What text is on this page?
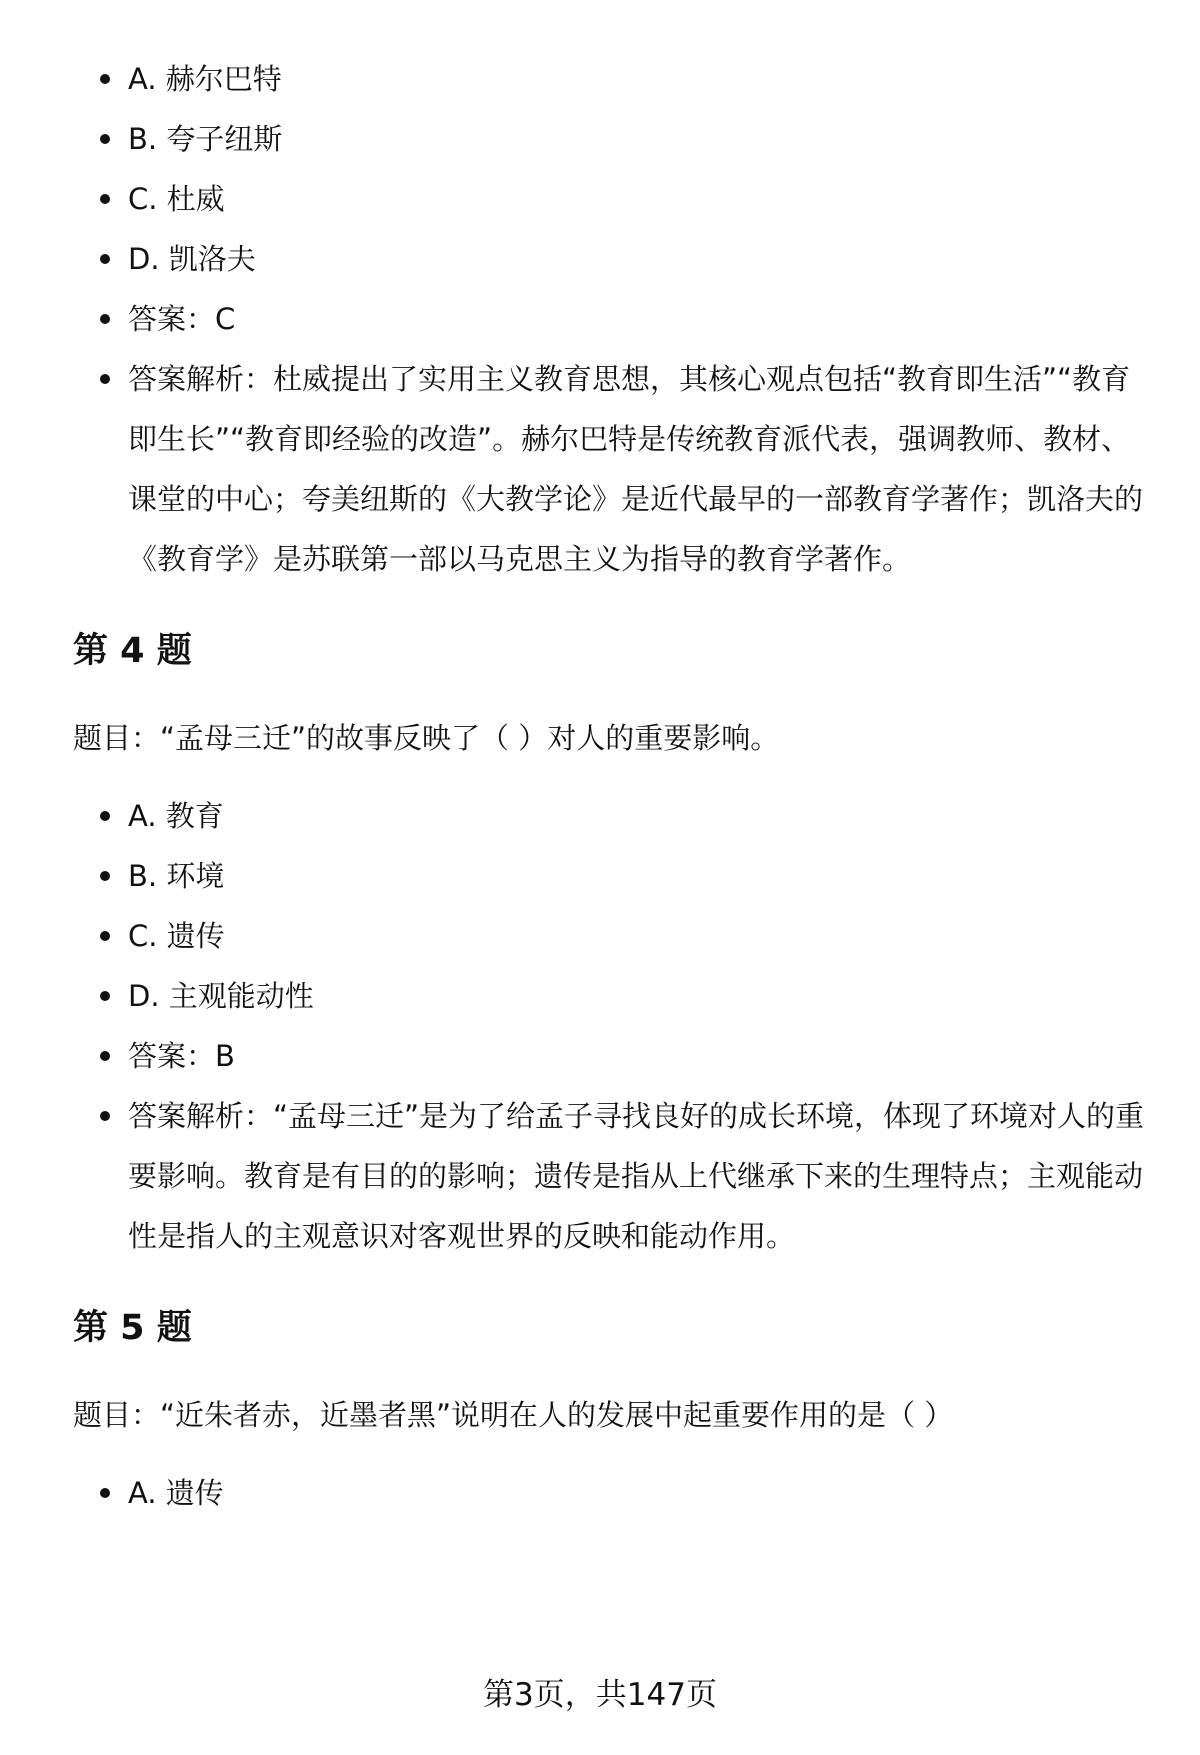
A. 赫尔巴特
B. 夸子纽斯
C. 杜威
D. 凯洛夫
答案：C
答案解析：杜威提出了实用主义教育思想，其核心观点包括“教育即生活”“教育即生长”“教育即经验的改造”。赫尔巴特是传统教育派代表，强调教师、教材、课堂的中心；夸美纽斯的《大教学论》是近代最早的一部教育学著作；凯洛夫的《教育学》是苏联第一部以马克思主义为指导的教育学著作。
第 4 题

题目：“孟母三迁”的故事反映了（ ）对人的重要影响。

A. 教育
B. 环境
C. 遗传
D. 主观能动性
答案：B
答案解析：“孟母三迁”是为了给孟子寻找良好的成长环境，体现了环境对人的重要影响。教育是有目的的影响；遗传是指从上代继承下来的生理特点；主观能动性是指人的主观意识对客观世界的反映和能动作用。
第 5 题

题目：“近朱者赤，近墨者黑”说明在人的发展中起重要作用的是（ ）

A. 遗传
第3页，共147页
